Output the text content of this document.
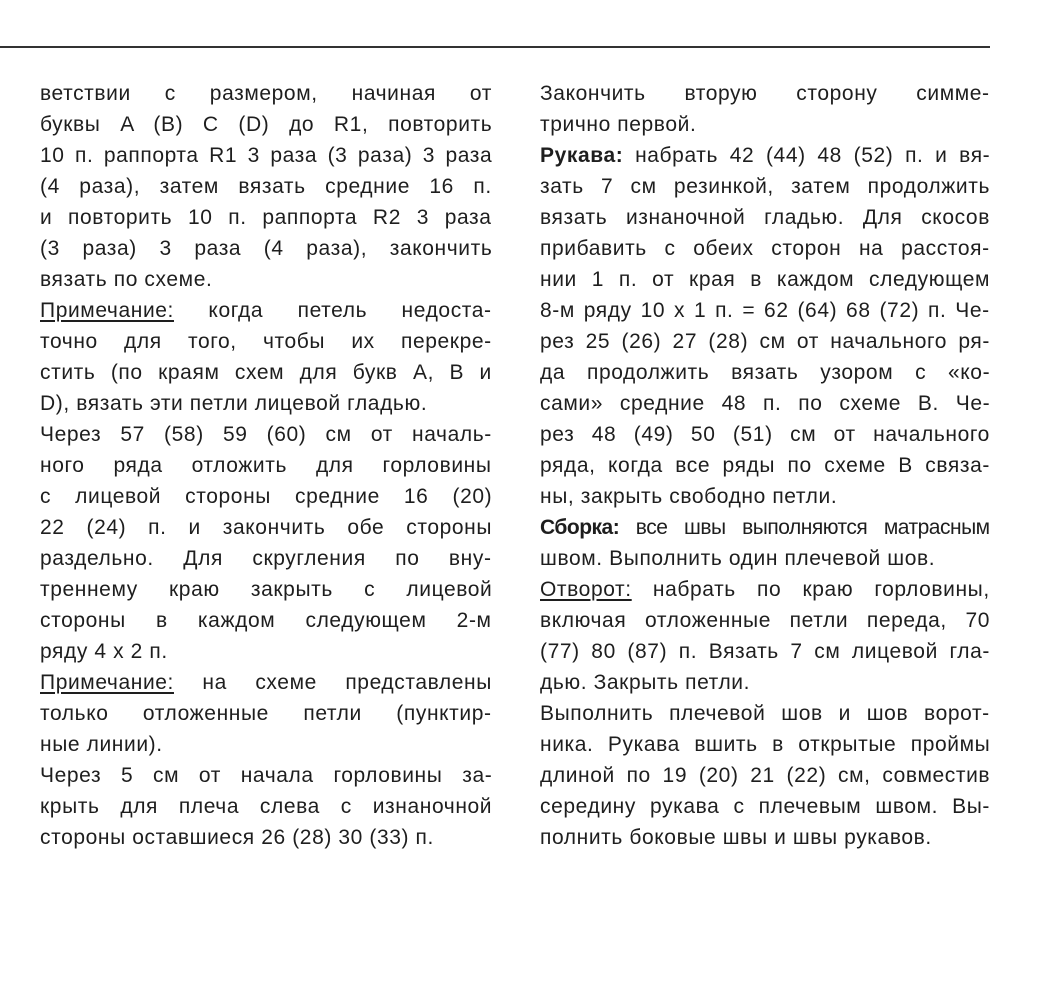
ветствии с размером, начиная от
буквы A (B) C (D) до R1, повторить
10 п. раппорта R1 3 раза (3 раза) 3 раза
(4 раза), затем вязать средние 16 п.
и повторить 10 п. раппорта R2 3 раза
(3 раза) 3 раза (4 раза), закончить
вязать по схеме.
Примечание: когда петель недоста-
точно для того, чтобы их перекре-
стить (по краям схем для букв A, B и
D), вязать эти петли лицевой гладью.
Через 57 (58) 59 (60) см от началь-
ного ряда отложить для горловины
с лицевой стороны средние 16 (20)
22 (24) п. и закончить обе стороны
раздельно. Для скругления по вну-
треннему краю закрыть с лицевой
стороны в каждом следующем 2-м
ряду 4 х 2 п.
Примечание: на схеме представлены
только отложенные петли (пунктир-
ные линии).
Через 5 см от начала горловины за-
крыть для плеча слева с изнаночной
стороны оставшиеся 26 (28) 30 (33) п.
Закончить вторую сторону симме-
трично первой.
Рукава: набрать 42 (44) 48 (52) п. и вя-
зать 7 см резинкой, затем продолжить
вязать изнаночной гладью. Для скосов
прибавить с обеих сторон на расстоя-
нии 1 п. от края в каждом следующем
8-м ряду 10 х 1 п. = 62 (64) 68 (72) п. Че-
рез 25 (26) 27 (28) см от начального ря-
да продолжить вязать узором с «ко-
сами» средние 48 п. по схеме B. Че-
рез 48 (49) 50 (51) см от начального
ряда, когда все ряды по схеме B связа-
ны, закрыть свободно петли.
Сборка: все швы выполняются матрасным
швом. Выполнить один плечевой шов.
Отворот: набрать по краю горловины,
включая отложенные петли переда, 70
(77) 80 (87) п. Вязать 7 см лицевой гла-
дью. Закрыть петли.
Выполнить плечевой шов и шов ворот-
ника. Рукава вшить в открытые проймы
длиной по 19 (20) 21 (22) см, совместив
середину рукава с плечевым швом. Вы-
полнить боковые швы и швы рукавов.
